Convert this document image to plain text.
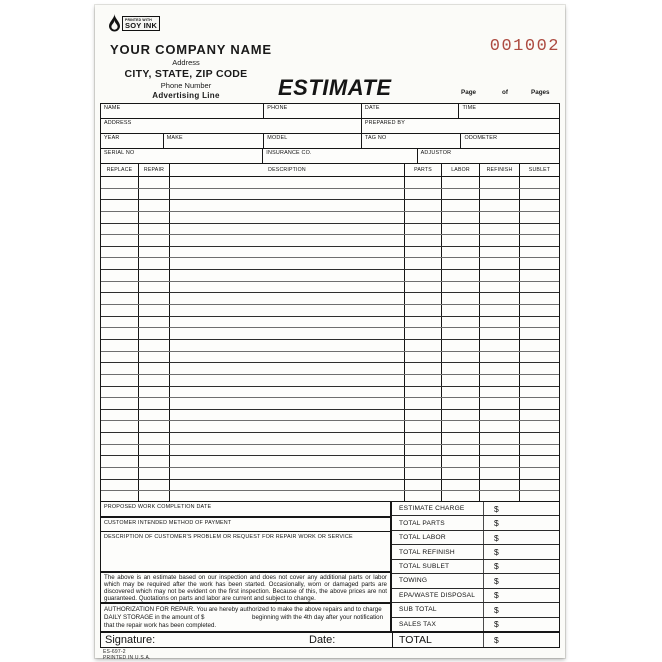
PRINTED WITH
SOY INK
YOUR COMPANY NAME
Address
CITY, STATE, ZIP CODE
Phone Number
Advertising Line	ESTIMATE
001002
Page	of	Pages
NAME	PHONE	DATE	TIME
ADDRESS	PREPARED BY
YEAR	MAKE	MODEL	TAG NO	ODOMETER
SERIAL NO	INSURANCE CO.	ADJUSTOR
REPLACE	REPAIR	DESCRIPTION	PARTS	LABOR	REFINISH	SUBLET
PROPOSED WORK COMPLETION DATE
CUSTOMER INTENDED METHOD OF PAYMENT
DESCRIPTION OF CUSTOMER'S PROBLEM OR REQUEST FOR REPAIR WORK OR SERVICE
The above is an estimate based on our inspection and does not cover any additional parts or labor which may be required after the work has been started. Occasionally, worn or damaged parts are discovered which may not be evident on the first inspection. Because of this, the above prices are not guaranteed. Quotations on parts and labor are current and subject to change.
AUTHORIZATION FOR REPAIR. You are hereby authorized to make the above repairs and to charge
DAILY STORAGE in the amount of $	beginning with the 4th day after your notification
that the repair work has been completed.
ESTIMATE CHARGE	$
TOTAL PARTS	$
TOTAL LABOR	$
TOTAL REFINISH	$
TOTAL SUBLET	$
TOWING	$
EPA/WASTE DISPOSAL	$
SUB TOTAL	$
SALES TAX	$
Signature:	Date:	TOTAL	$
ES-697-2
PRINTED IN U.S.A.
